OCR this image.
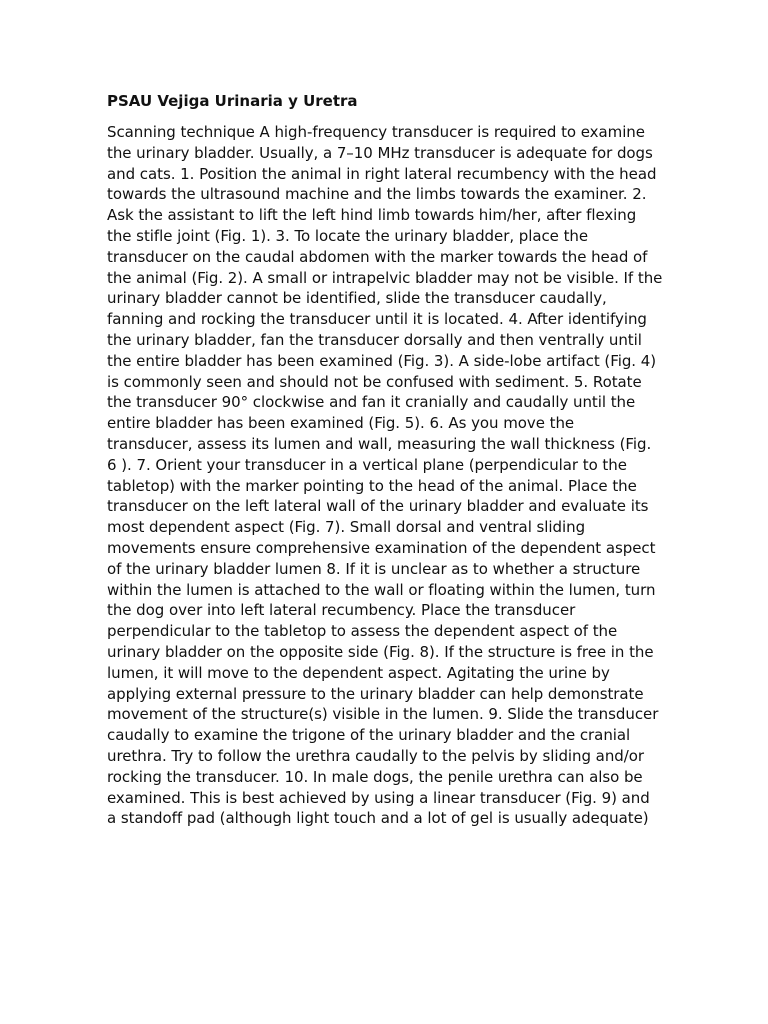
PSAU Vejiga Urinaria y Uretra

Scanning technique A high-frequency transducer is required to examine the urinary bladder. Usually, a 7–10 MHz transducer is adequate for dogs and cats. 1. Position the animal in right lateral recumbency with the head towards the ultrasound machine and the limbs towards the examiner. 2. Ask the assistant to lift the left hind limb towards him/her, after flexing the stifle joint (Fig. 1). 3. To locate the urinary bladder, place the transducer on the caudal abdomen with the marker towards the head of the animal (Fig. 2). A small or intrapelvic bladder may not be visible. If the urinary bladder cannot be identified, slide the transducer caudally, fanning and rocking the transducer until it is located. 4. After identifying the urinary bladder, fan the transducer dorsally and then ventrally until the entire bladder has been examined (Fig. 3). A side-lobe artifact (Fig. 4) is commonly seen and should not be confused with sediment. 5. Rotate the transducer 90° clockwise and fan it cranially and caudally until the entire bladder has been examined (Fig. 5). 6. As you move the transducer, assess its lumen and wall, measuring the wall thickness (Fig. 6 ). 7. Orient your transducer in a vertical plane (perpendicular to the tabletop) with the marker pointing to the head of the animal. Place the transducer on the left lateral wall of the urinary bladder and evaluate its most dependent aspect (Fig. 7). Small dorsal and ventral sliding movements ensure comprehensive examination of the dependent aspect of the urinary bladder lumen 8. If it is unclear as to whether a structure within the lumen is attached to the wall or floating within the lumen, turn the dog over into left lateral recumbency. Place the transducer perpendicular to the tabletop to assess the dependent aspect of the urinary bladder on the opposite side (Fig. 8). If the structure is free in the lumen, it will move to the dependent aspect. Agitating the urine by applying external pressure to the urinary bladder can help demonstrate movement of the structure(s) visible in the lumen. 9. Slide the transducer caudally to examine the trigone of the urinary bladder and the cranial urethra. Try to follow the urethra caudally to the pelvis by sliding and/or rocking the transducer. 10. In male dogs, the penile urethra can also be examined. This is best achieved by using a linear transducer (Fig. 9) and a standoff pad (although light touch and a lot of gel is usually adequate)
